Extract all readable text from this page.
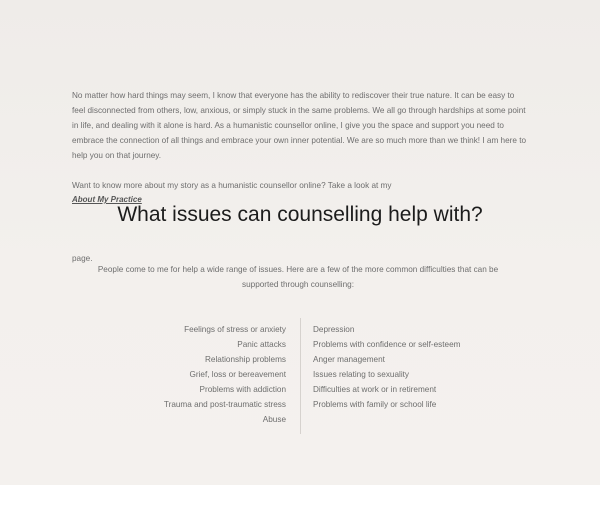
No matter how hard things may seem, I know that everyone has the ability to rediscover their true nature. It can be easy to feel disconnected from others, low, anxious, or simply stuck in the same problems. We all go through hardships at some point in life, and dealing with it alone is hard. As a humanistic counsellor online, I give you the space and support you need to embrace the connection of all things and embrace your own inner potential. We are so much more than we think! I am here to help you on that journey.

Want to know more about my story as a humanistic counsellor online? Take a look at my

About My Practice
What issues can counselling help with?
page.

People come to me for help a wide range of issues. Here are a few of the more common difficulties that can be supported through counselling:

Feelings of stress or anxiety
Panic attacks
Relationship problems
Grief, loss or bereavement
Problems with addiction
Trauma and post-traumatic stress
Abuse
Depression
Problems with confidence or self-esteem
Anger management
Issues relating to sexuality
Difficulties at work or in retirement
Problems with family or school life
